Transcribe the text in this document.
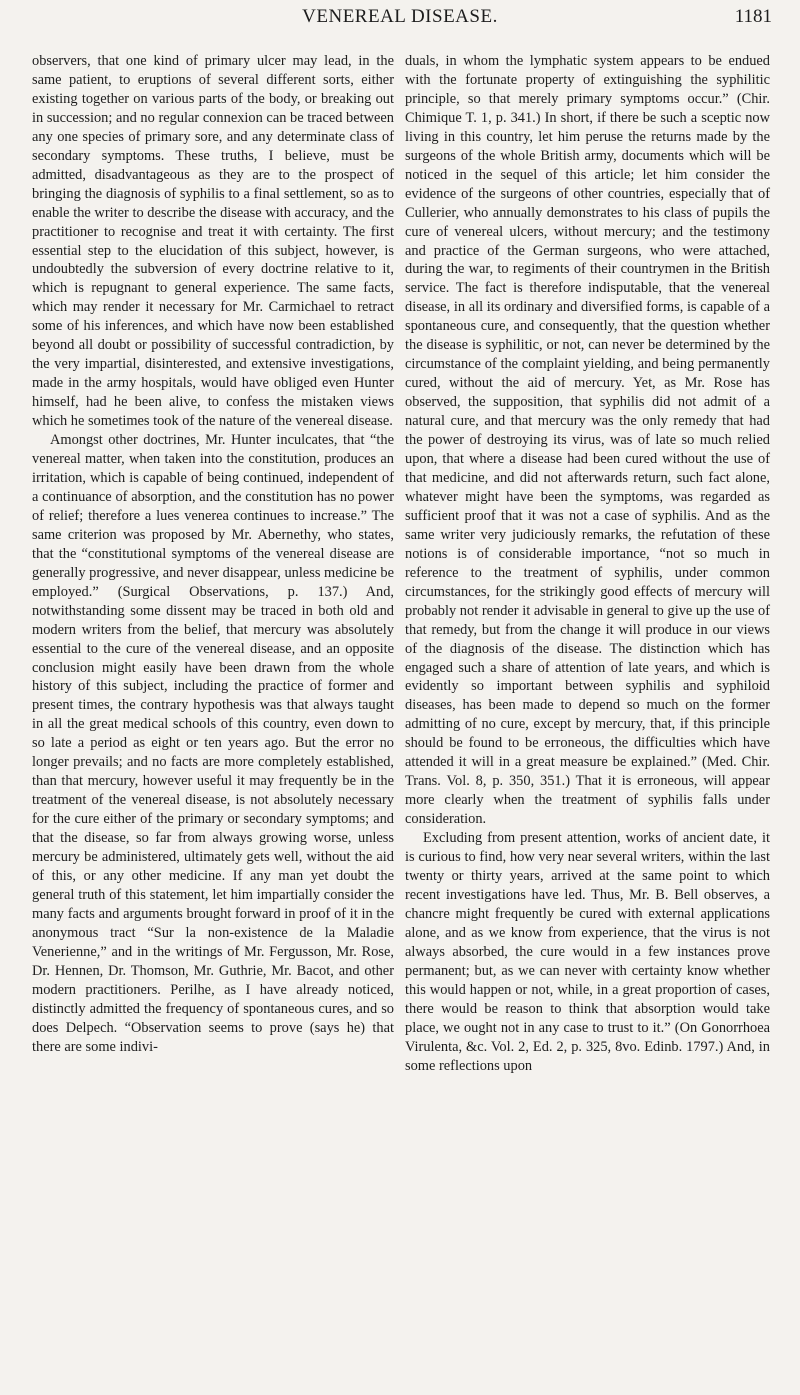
VENEREAL DISEASE.	1181

observers, that one kind of primary ulcer may lead, in the same patient, to eruptions of several different sorts, either existing together on various parts of the body, or breaking out in succession; and no regular connexion can be traced between any one species of primary sore, and any determinate class of secondary symptoms. These truths, I believe, must be admitted, disadvantageous as they are to the prospect of bringing the diagnosis of syphilis to a final settlement, so as to enable the writer to describe the disease with accuracy, and the practitioner to recognise and treat it with certainty. The first essential step to the elucidation of this subject, however, is undoubtedly the subversion of every doctrine relative to it, which is repugnant to general experience. The same facts, which may render it necessary for Mr. Carmichael to retract some of his inferences, and which have now been established beyond all doubt or possibility of successful contradiction, by the very impartial, disinterested, and extensive investigations, made in the army hospitals, would have obliged even Hunter himself, had he been alive, to confess the mistaken views which he sometimes took of the nature of the venereal disease.

Amongst other doctrines, Mr. Hunter inculcates, that “the venereal matter, when taken into the constitution, produces an irritation, which is capable of being continued, independent of a continuance of absorption, and the constitution has no power of relief; therefore a lues venerea continues to increase.” The same criterion was proposed by Mr. Abernethy, who states, that the “constitutional symptoms of the venereal disease are generally progressive, and never disappear, unless medicine be employed.” (Surgical Observations, p. 137.) And, notwithstanding some dissent may be traced in both old and modern writers from the belief, that mercury was absolutely essential to the cure of the venereal disease, and an opposite conclusion might easily have been drawn from the whole history of this subject, including the practice of former and present times, the contrary hypothesis was that always taught in all the great medical schools of this country, even down to so late a period as eight or ten years ago. But the error no longer prevails; and no facts are more completely established, than that mercury, however useful it may frequently be in the treatment of the venereal disease, is not absolutely necessary for the cure either of the primary or secondary symptoms; and that the disease, so far from always growing worse, unless mercury be administered, ultimately gets well, without the aid of this, or any other medicine. If any man yet doubt the general truth of this statement, let him impartially consider the many facts and arguments brought forward in proof of it in the anonymous tract “Sur la non-existence de la Maladie Venerienne,” and in the writings of Mr. Fergusson, Mr. Rose, Dr. Hennen, Dr. Thomson, Mr. Guthrie, Mr. Bacot, and other modern practitioners. Perilhe, as I have already noticed, distinctly admitted the frequency of spontaneous cures, and so does Delpech. “Observation seems to prove (says he) that there are some indivi-

duals, in whom the lymphatic system appears to be endued with the fortunate property of extinguishing the syphilitic principle, so that merely primary symptoms occur.” (Chir. Chimique T. 1, p. 341.) In short, if there be such a sceptic now living in this country, let him peruse the returns made by the surgeons of the whole British army, documents which will be noticed in the sequel of this article; let him consider the evidence of the surgeons of other countries, especially that of Cullerier, who annually demonstrates to his class of pupils the cure of venereal ulcers, without mercury; and the testimony and practice of the German surgeons, who were attached, during the war, to regiments of their countrymen in the British service. The fact is therefore indisputable, that the venereal disease, in all its ordinary and diversified forms, is capable of a spontaneous cure, and consequently, that the question whether the disease is syphilitic, or not, can never be determined by the circumstance of the complaint yielding, and being permanently cured, without the aid of mercury. Yet, as Mr. Rose has observed, the supposition, that syphilis did not admit of a natural cure, and that mercury was the only remedy that had the power of destroying its virus, was of late so much relied upon, that where a disease had been cured without the use of that medicine, and did not afterwards return, such fact alone, whatever might have been the symptoms, was regarded as sufficient proof that it was not a case of syphilis. And as the same writer very judiciously remarks, the refutation of these notions is of considerable importance, “not so much in reference to the treatment of syphilis, under common circumstances, for the strikingly good effects of mercury will probably not render it advisable in general to give up the use of that remedy, but from the change it will produce in our views of the diagnosis of the disease. The distinction which has engaged such a share of attention of late years, and which is evidently so important between syphilis and syphiloid diseases, has been made to depend so much on the former admitting of no cure, except by mercury, that, if this principle should be found to be erroneous, the difficulties which have attended it will in a great measure be explained.” (Med. Chir. Trans. Vol. 8, p. 350, 351.) That it is erroneous, will appear more clearly when the treatment of syphilis falls under consideration.

Excluding from present attention, works of ancient date, it is curious to find, how very near several writers, within the last twenty or thirty years, arrived at the same point to which recent investigations have led. Thus, Mr. B. Bell observes, a chancre might frequently be cured with external applications alone, and as we know from experience, that the virus is not always absorbed, the cure would in a few instances prove permanent; but, as we can never with certainty know whether this would happen or not, while, in a great proportion of cases, there would be reason to think that absorption would take place, we ought not in any case to trust to it.” (On Gonorrhoea Virulenta, &c. Vol. 2, Ed. 2, p. 325, 8vo. Edinb. 1797.) And, in some reflections upon
